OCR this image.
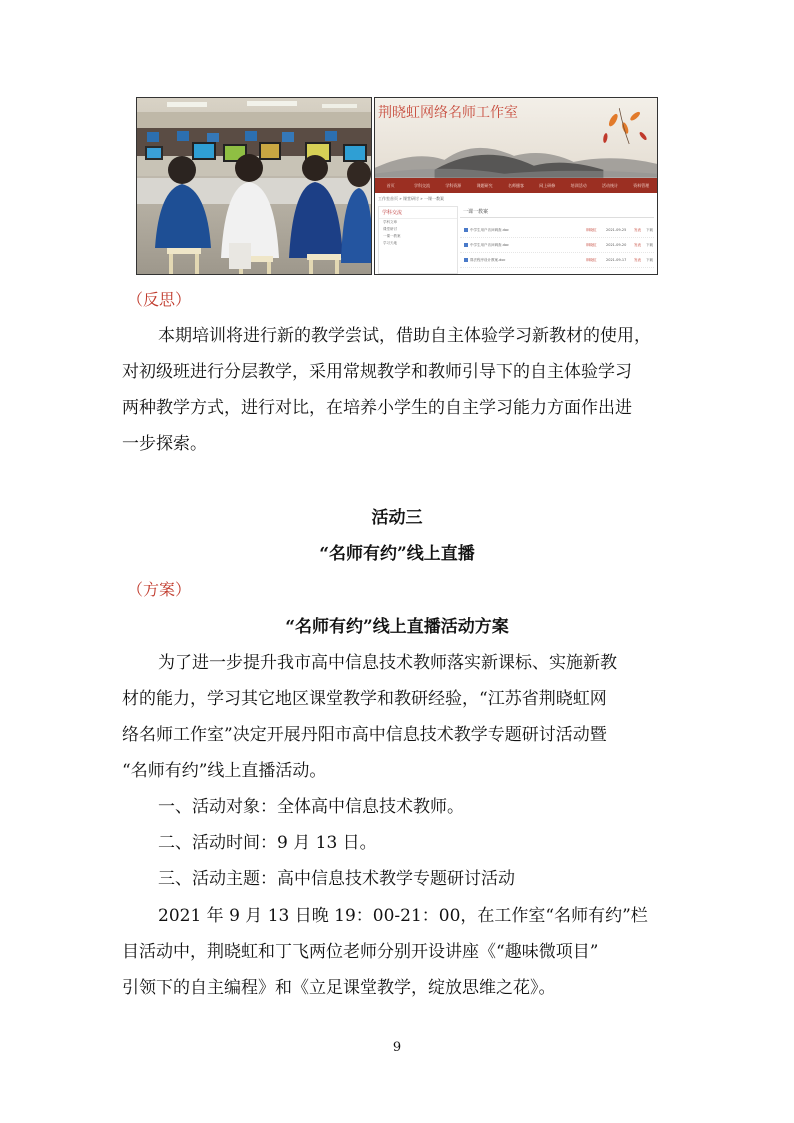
荆晓虹网络名师工作室
首页	学科交流	学科资源	课题研究	名师播客	网上研修	培训活动	活动统计	资料管理
工作室首页 » 课堂研讨 » 一课一教案
学科交流
学科文章
课堂研讨
一课一教案
学习天地
一课一教案
中学生用户访问调查.doc	荆晓虹	2021-09-25	发表	下载
中学生用户访问调查.doc	荆晓虹	2021-09-20	发表	下载
算法程序设计教案.doc	荆晓虹	2021-09-17	发表	下载
（反思）
本期培训将进行新的教学尝试，借助自主体验学习新教材的使用，
对初级班进行分层教学，采用常规教学和教师引导下的自主体验学习
两种教学方式，进行对比，在培养小学生的自主学习能力方面作出进
一步探索。
活动三
“名师有约”线上直播
（方案）
“名师有约”线上直播活动方案
为了进一步提升我市高中信息技术教师落实新课标、实施新教
材的能力，学习其它地区课堂教学和教研经验，“江苏省荆晓虹网
络名师工作室”决定开展丹阳市高中信息技术教学专题研讨活动暨
“名师有约”线上直播活动。
一、活动对象：全体高中信息技术教师。
二、活动时间：9 月 13 日。
三、活动主题：高中信息技术教学专题研讨活动
2021 年 9 月 13 日晚 19：00-21：00，在工作室“名师有约”栏
目活动中，荆晓虹和丁飞两位老师分别开设讲座《“趣味微项目”
引领下的自主编程》和《立足课堂教学，绽放思维之花》。
9
